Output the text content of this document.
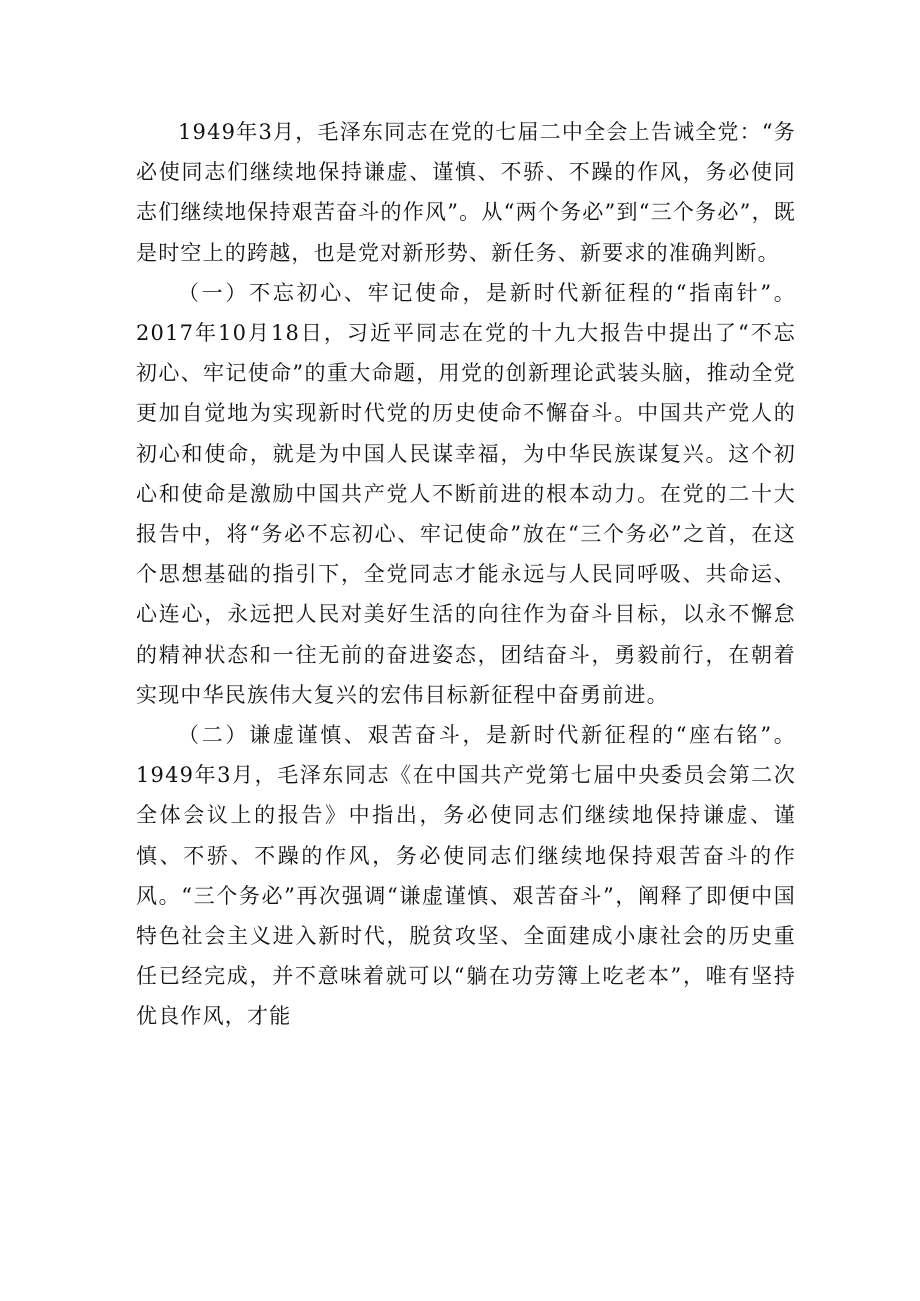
1949年3月，毛泽东同志在党的七届二中全会上告诫全党：“务必使同志们继续地保持谦虚、谨慎、不骄、不躁的作风，务必使同志们继续地保持艰苦奋斗的作风”。从“两个务必”到“三个务必”，既是时空上的跨越，也是党对新形势、新任务、新要求的准确判断。

（一）不忘初心、牢记使命，是新时代新征程的“指南针”。2017年10月18日，习近平同志在党的十九大报告中提出了“不忘初心、牢记使命”的重大命题，用党的创新理论武装头脑，推动全党更加自觉地为实现新时代党的历史使命不懈奋斗。中国共产党人的初心和使命，就是为中国人民谋幸福，为中华民族谋复兴。这个初心和使命是激励中国共产党人不断前进的根本动力。在党的二十大报告中，将“务必不忘初心、牢记使命”放在“三个务必”之首，在这个思想基础的指引下，全党同志才能永远与人民同呼吸、共命运、心连心，永远把人民对美好生活的向往作为奋斗目标，以永不懈怠的精神状态和一往无前的奋进姿态，团结奋斗，勇毅前行，在朝着实现中华民族伟大复兴的宏伟目标新征程中奋勇前进。

（二）谦虚谨慎、艰苦奋斗，是新时代新征程的“座右铭”。1949年3月，毛泽东同志《在中国共产党第七届中央委员会第二次全体会议上的报告》中指出，务必使同志们继续地保持谦虚、谨慎、不骄、不躁的作风，务必使同志们继续地保持艰苦奋斗的作风。“三个务必”再次强调“谦虚谨慎、艰苦奋斗”，阐释了即便中国特色社会主义进入新时代，脱贫攻坚、全面建成小康社会的历史重任已经完成，并不意味着就可以“躺在功劳簿上吃老本”，唯有坚持优良作风，才能
